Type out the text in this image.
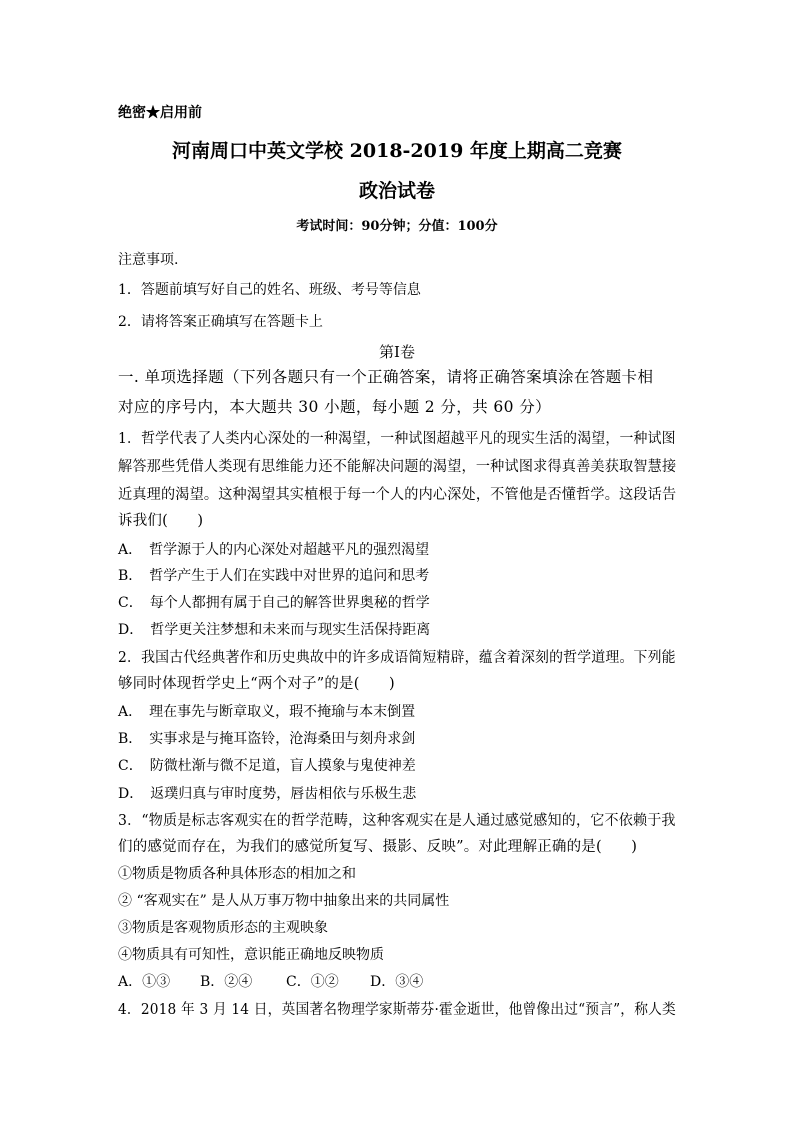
绝密★启用前
河南周口中英文学校 2018-2019 年度上期高二竞赛
政治试卷
考试时间：90分钟；分值：100分
注意事项.
1．答题前填写好自己的姓名、班级、考号等信息
2．请将答案正确填写在答题卡上
第I卷
一. 单项选择题（下列各题只有一个正确答案，请将正确答案填涂在答题卡相
对应的序号内，本大题共 30 小题，每小题 2 分，共 60 分）
1．哲学代表了人类内心深处的一种渴望，一种试图超越平凡的现实生活的渴望，一种试图
解答那些凭借人类现有思维能力还不能解决问题的渴望，一种试图求得真善美获取智慧接
近真理的渴望。这种渴望其实植根于每一个人的内心深处，不管他是否懂哲学。这段话告
诉我们(　　)
A．　哲学源于人的内心深处对超越平凡的强烈渴望
B．　哲学产生于人们在实践中对世界的追问和思考
C．　每个人都拥有属于自己的解答世界奥秘的哲学
D．　哲学更关注梦想和未来而与现实生活保持距离
2．我国古代经典著作和历史典故中的许多成语简短精辟，蕴含着深刻的哲学道理。下列能
够同时体现哲学史上“两个对子”的是(　　)
A．　理在事先与断章取义，瑕不掩瑜与本末倒置
B．　实事求是与掩耳盗铃，沧海桑田与刻舟求剑
C．　防微杜渐与微不足道，盲人摸象与鬼使神差
D．　返璞归真与审时度势，唇齿相依与乐极生悲
3．“物质是标志客观实在的哲学范畴，这种客观实在是人通过感觉感知的，它不依赖于我
们的感觉而存在，为我们的感觉所复写、摄影、反映”。对此理解正确的是(　　)
①物质是物质各种具体形态的相加之和
② “客观实在” 是人从万事万物中抽象出来的共同属性
③物质是客观物质形态的主观映象
④物质具有可知性，意识能正确地反映物质
A．①③ B．②④ C．①② D．③④
4．2018 年 3 月 14 日，英国著名物理学家斯蒂芬·霍金逝世，他曾像出过“预言”，称人类
